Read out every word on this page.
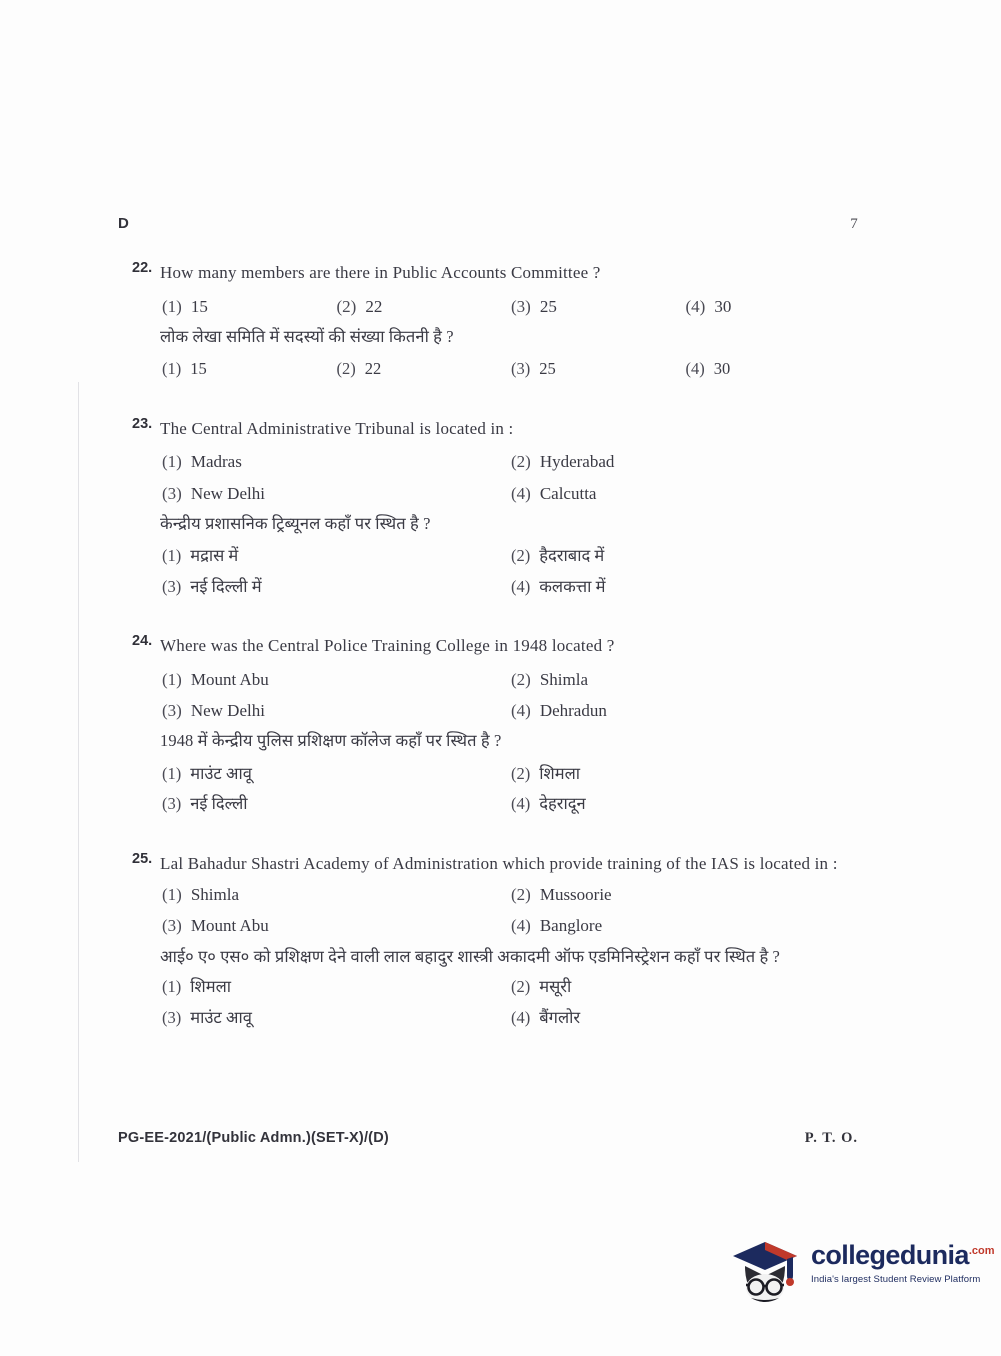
D	7
22. How many members are there in Public Accounts Committee ?
(1) 15	(2) 22	(3) 25	(4) 30
लोक लेखा समिति में सदस्यों की संख्या कितनी है ?
(1) 15	(2) 22	(3) 25	(4) 30
23. The Central Administrative Tribunal is located in :
(1) Madras	(2) Hyderabad
(3) New Delhi	(4) Calcutta
केन्द्रीय प्रशासनिक ट्रिब्यूनल कहाँ पर स्थित है ?
(1) मद्रास में	(2) हैदराबाद में
(3) नई दिल्ली में	(4) कलकत्ता में
24. Where was the Central Police Training College in 1948 located ?
(1) Mount Abu	(2) Shimla
(3) New Delhi	(4) Dehradun
1948 में केन्द्रीय पुलिस प्रशिक्षण कॉलेज कहाँ पर स्थित है ?
(1) माउंट आवू	(2) शिमला
(3) नई दिल्ली	(4) देहरादून
25. Lal Bahadur Shastri Academy of Administration which provide training of the IAS is located in :
(1) Shimla	(2) Mussoorie
(3) Mount Abu	(4) Banglore
आई० ए० एस० को प्रशिक्षण देने वाली लाल बहादुर शास्त्री अकादमी ऑफ एडमिनिस्ट्रेशन कहाँ पर स्थित है ?
(1) शिमला	(2) मसूरी
(3) माउंट आवू	(4) बैंगलोर
PG-EE-2021/(Public Admn.)(SET-X)/(D)	P. T. O.
collegedunia$^{.com}$
India's largest Student Review Platform
